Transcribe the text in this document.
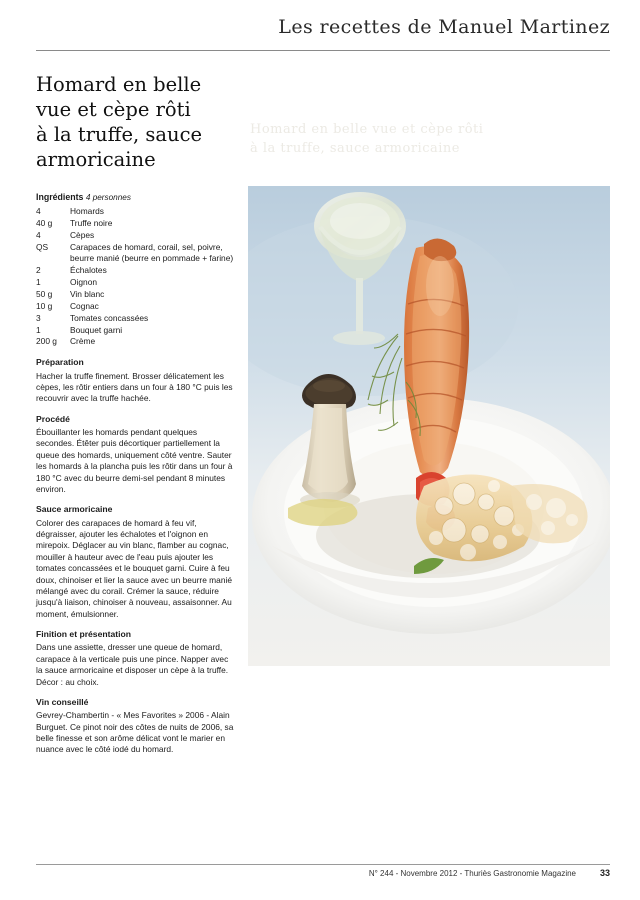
Les recettes de Manuel Martinez
Homard en belle vue et cèpe rôti
à la truffe, sauce armoricaine
Homard en belle
vue et cèpe rôti
à la truffe, sauce
armoricaine
Ingrédients 4 personnes
4	Homards
40 g	Truffe noire
4	Cèpes
QS	Carapaces de homard, corail, sel, poivre, beurre manié (beurre en pommade + farine)
2	Échalotes
1	Oignon
50 g	Vin blanc
10 g	Cognac
3	Tomates concassées
1	Bouquet garni
200 g	Crème
Préparation
Hacher la truffe finement. Brosser délicatement les cèpes, les rôtir entiers dans un four à 180 °C puis les recouvrir avec la truffe hachée.
Procédé
Ébouillanter les homards pendant quelques secondes. Étêter puis décortiquer partiellement la queue des homards, uniquement côté ventre. Sauter les homards à la plancha puis les rôtir dans un four à 180 °C avec du beurre demi-sel pendant 8 minutes environ.
Sauce armoricaine
Colorer des carapaces de homard à feu vif, dégraisser, ajouter les échalotes et l'oignon en mirepoix. Déglacer au vin blanc, flamber au cognac, mouiller à hauteur avec de l'eau puis ajouter les tomates concassées et le bouquet garni. Cuire à feu doux, chinoiser et lier la sauce avec un beurre manié mélangé avec du corail. Crémer la sauce, réduire jusqu'à liaison, chinoiser à nouveau, assaisonner. Au moment, émulsionner.
Finition et présentation
Dans une assiette, dresser une queue de homard, carapace à la verticale puis une pince. Napper avec la sauce armoricaine et disposer un cèpe à la truffe. Décor : au choix.
Vin conseillé
Gevrey-Chambertin - « Mes Favorites » 2006 - Alain Burguet. Ce pinot noir des côtes de nuits de 2006, sa belle finesse et son arôme délicat vont le marier en nuance avec le côté iodé du homard.
N° 244 - Novembre 2012 - Thuriès Gastronomie Magazine	33
